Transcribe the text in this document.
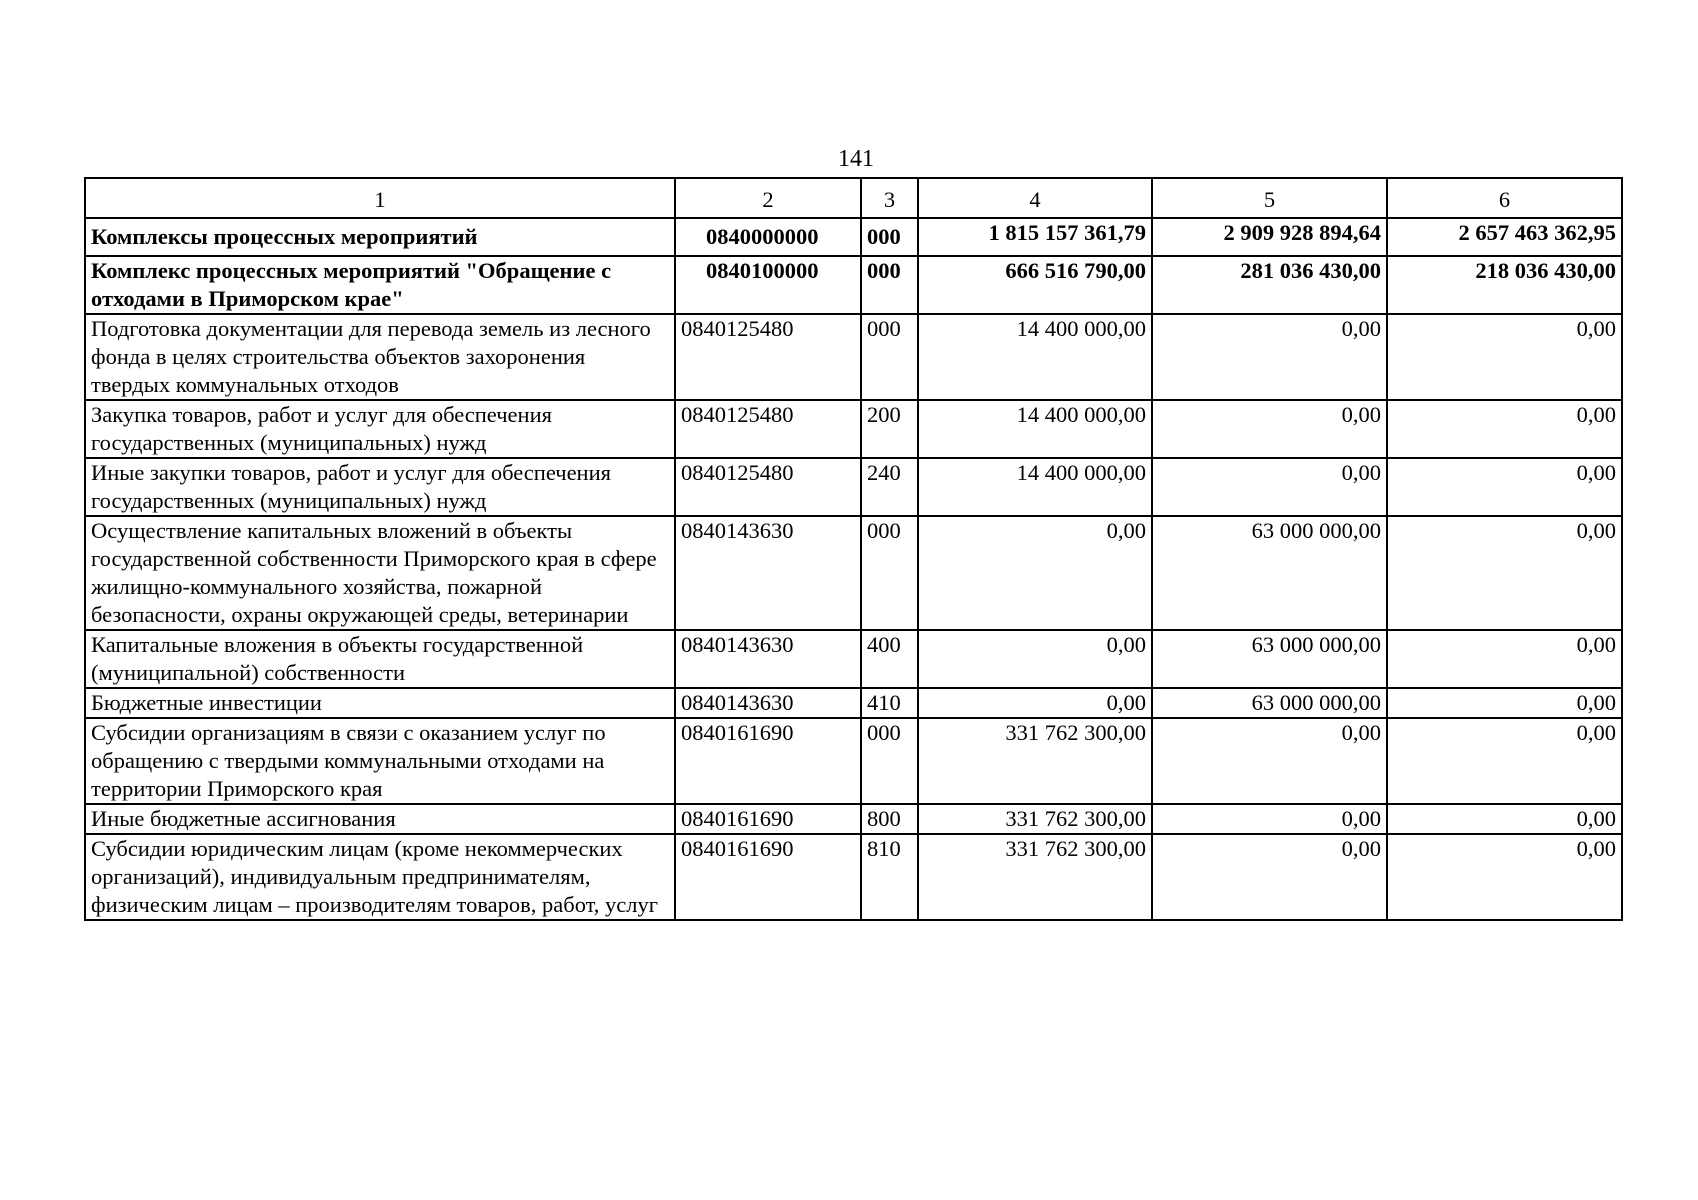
141
1	2	3	4	5	6
Комплексы процессных мероприятий	0840000000	000	1 815 157 361,79	2 909 928 894,64	2 657 463 362,95
Комплекс процессных мероприятий "Обращение с отходами в Приморском крае"	0840100000	000	666 516 790,00	281 036 430,00	218 036 430,00
Подготовка документации для перевода земель из лесного фонда в целях строительства объектов захоронения твердых коммунальных отходов	0840125480	000	14 400 000,00	0,00	0,00
Закупка товаров, работ и услуг для обеспечения государственных (муниципальных) нужд	0840125480	200	14 400 000,00	0,00	0,00
Иные закупки товаров, работ и услуг для обеспечения государственных (муниципальных) нужд	0840125480	240	14 400 000,00	0,00	0,00
Осуществление капитальных вложений в объекты государственной собственности Приморского края в сфере жилищно-коммунального хозяйства, пожарной безопасности, охраны окружающей среды, ветеринарии	0840143630	000	0,00	63 000 000,00	0,00
Капитальные вложения в объекты государственной (муниципальной) собственности	0840143630	400	0,00	63 000 000,00	0,00
Бюджетные инвестиции	0840143630	410	0,00	63 000 000,00	0,00
Субсидии организациям в связи с оказанием услуг по обращению с твердыми коммунальными отходами на территории Приморского края	0840161690	000	331 762 300,00	0,00	0,00
Иные бюджетные ассигнования	0840161690	800	331 762 300,00	0,00	0,00
Субсидии юридическим лицам (кроме некоммерческих организаций), индивидуальным предпринимателям, физическим лицам – производителям товаров, работ, услуг	0840161690	810	331 762 300,00	0,00	0,00
